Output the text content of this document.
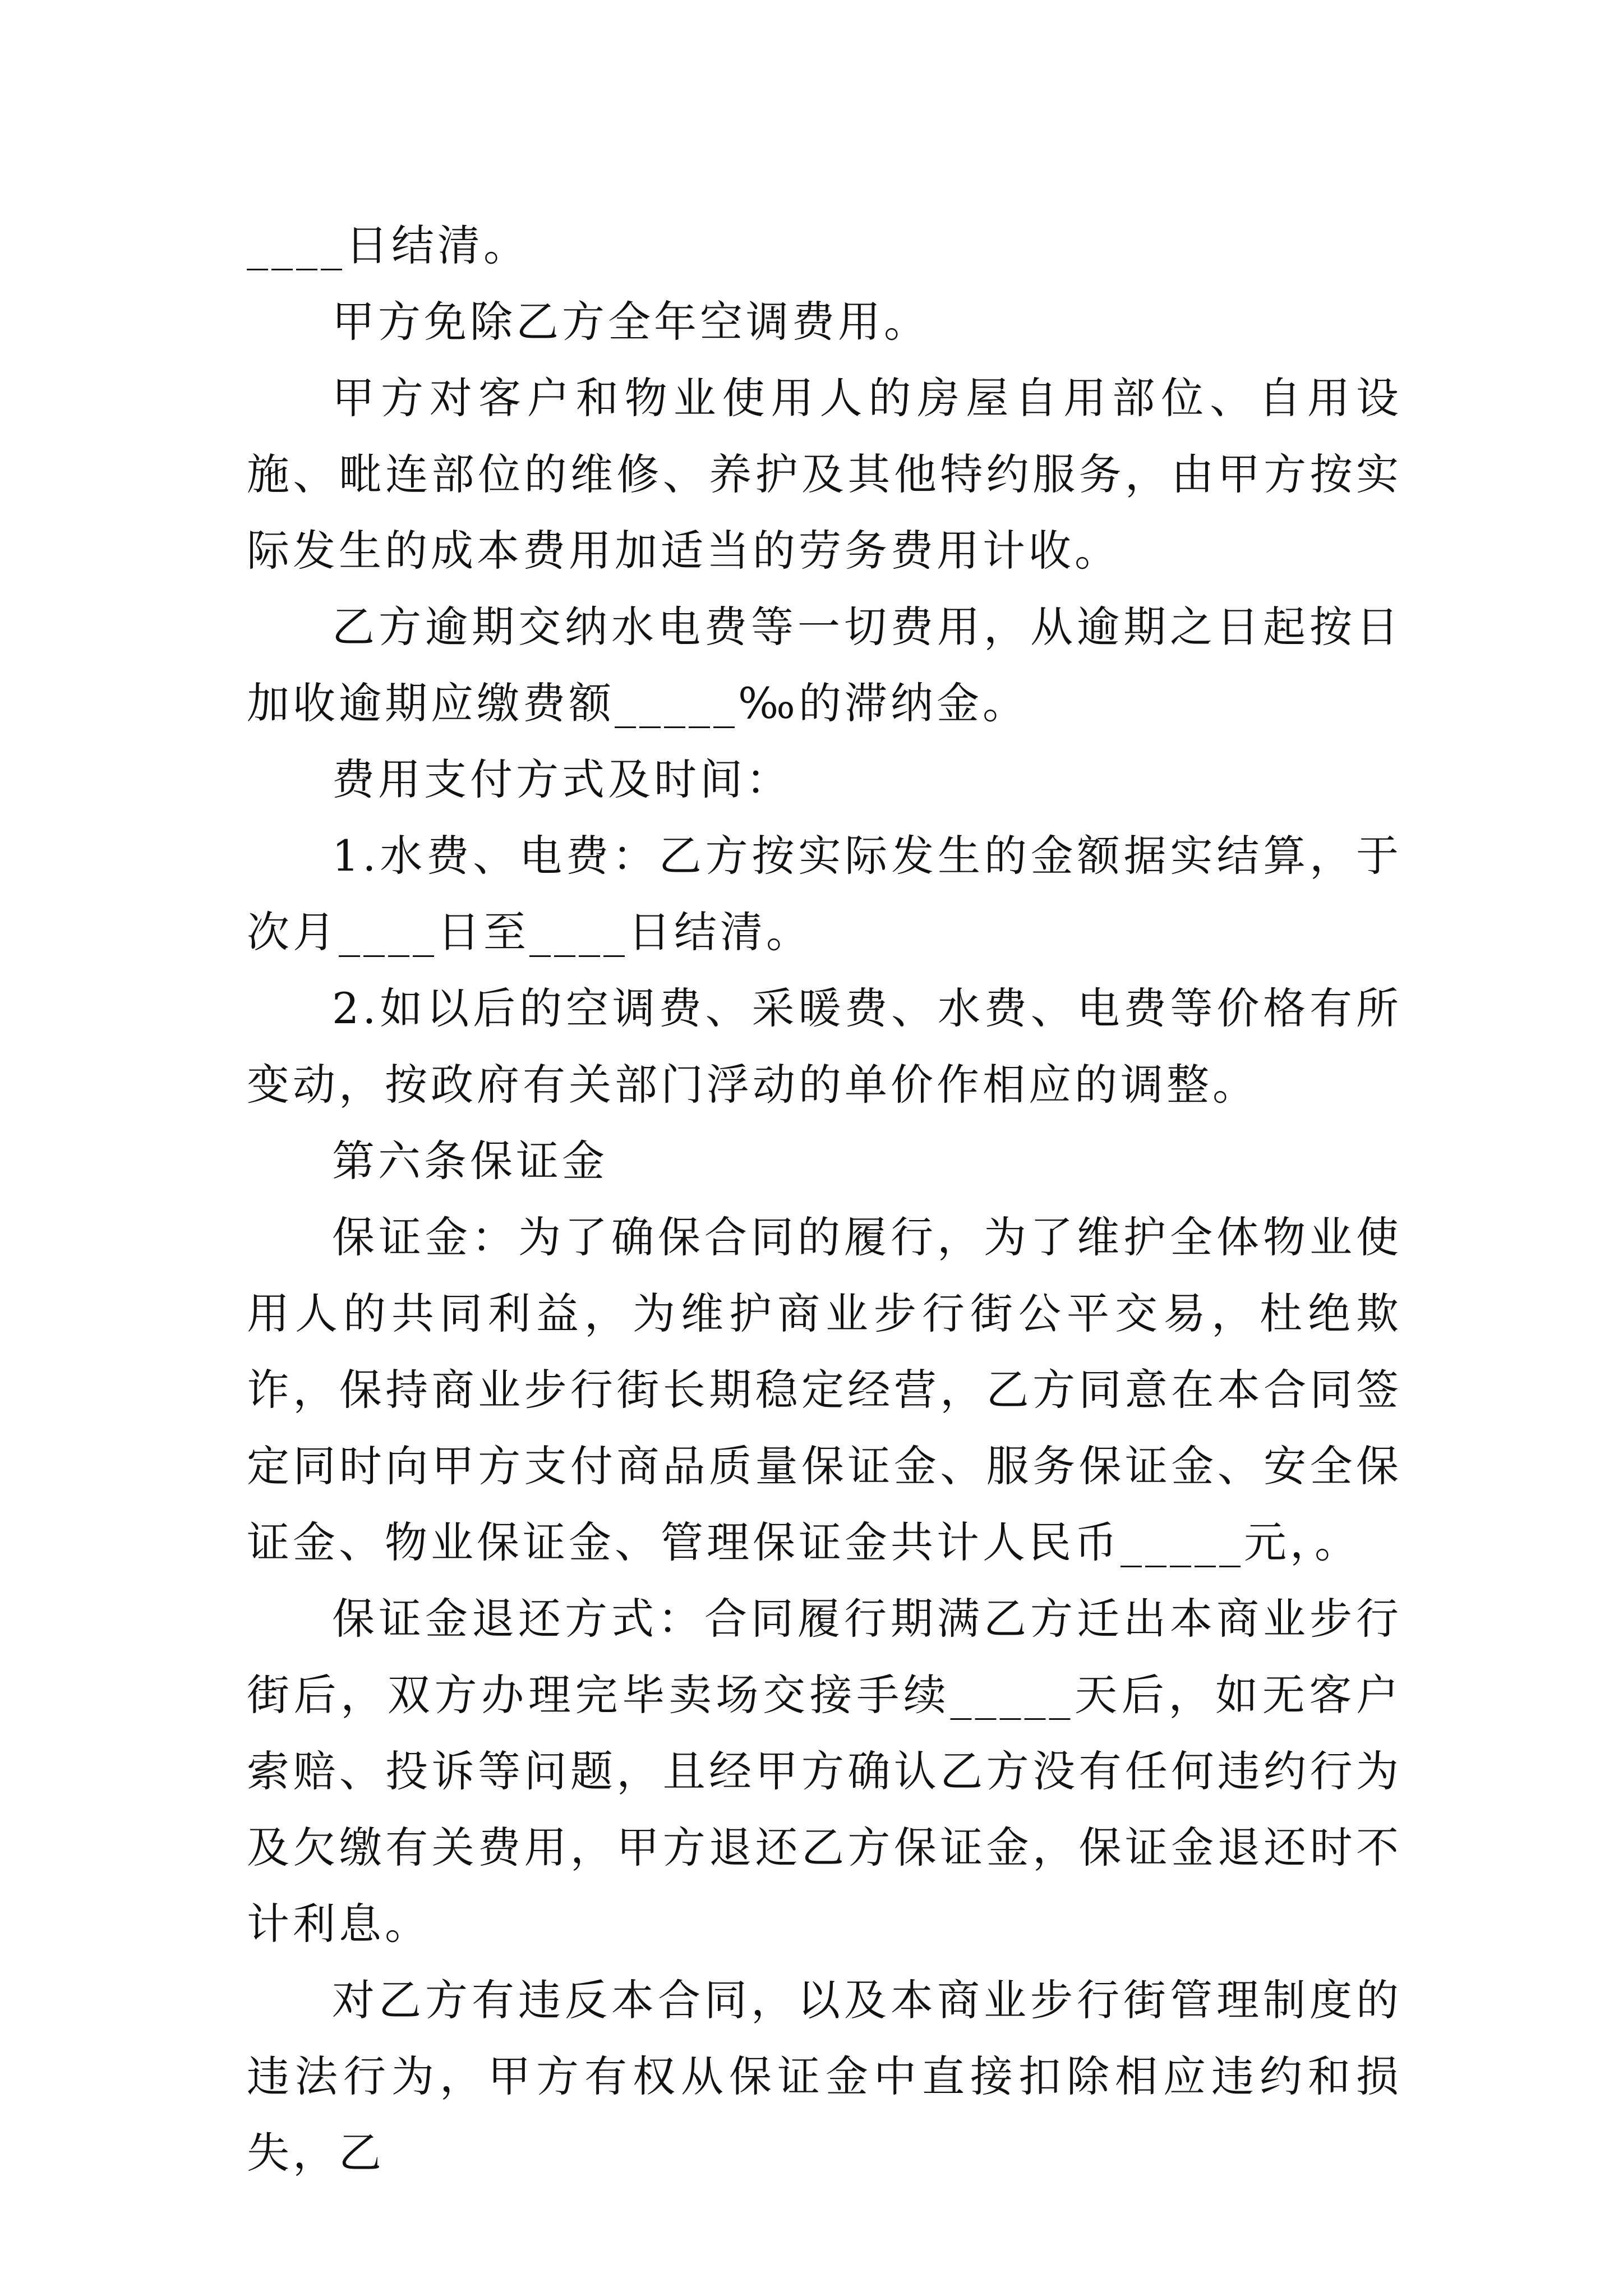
____日结清。

甲方免除乙方全年空调费用。

甲方对客户和物业使用人的房屋自用部位、自用设施、毗连部位的维修、养护及其他特约服务，由甲方按实际发生的成本费用加适当的劳务费用计收。

乙方逾期交纳水电费等一切费用，从逾期之日起按日加收逾期应缴费额_____‰的滞纳金。

费用支付方式及时间：

1.水费、电费：乙方按实际发生的金额据实结算，于次月____日至____日结清。

2.如以后的空调费、采暖费、水费、电费等价格有所变动，按政府有关部门浮动的单价作相应的调整。

第六条保证金

保证金：为了确保合同的履行，为了维护全体物业使用人的共同利益，为维护商业步行街公平交易，杜绝欺诈，保持商业步行街长期稳定经营，乙方同意在本合同签定同时向甲方支付商品质量保证金、服务保证金、安全保证金、物业保证金、管理保证金共计人民币_____元，。

保证金退还方式：合同履行期满乙方迁出本商业步行街后，双方办理完毕卖场交接手续_____天后，如无客户索赔、投诉等问题，且经甲方确认乙方没有任何违约行为及欠缴有关费用，甲方退还乙方保证金，保证金退还时不计利息。

对乙方有违反本合同，以及本商业步行街管理制度的违法行为，甲方有权从保证金中直接扣除相应违约和损失，乙
